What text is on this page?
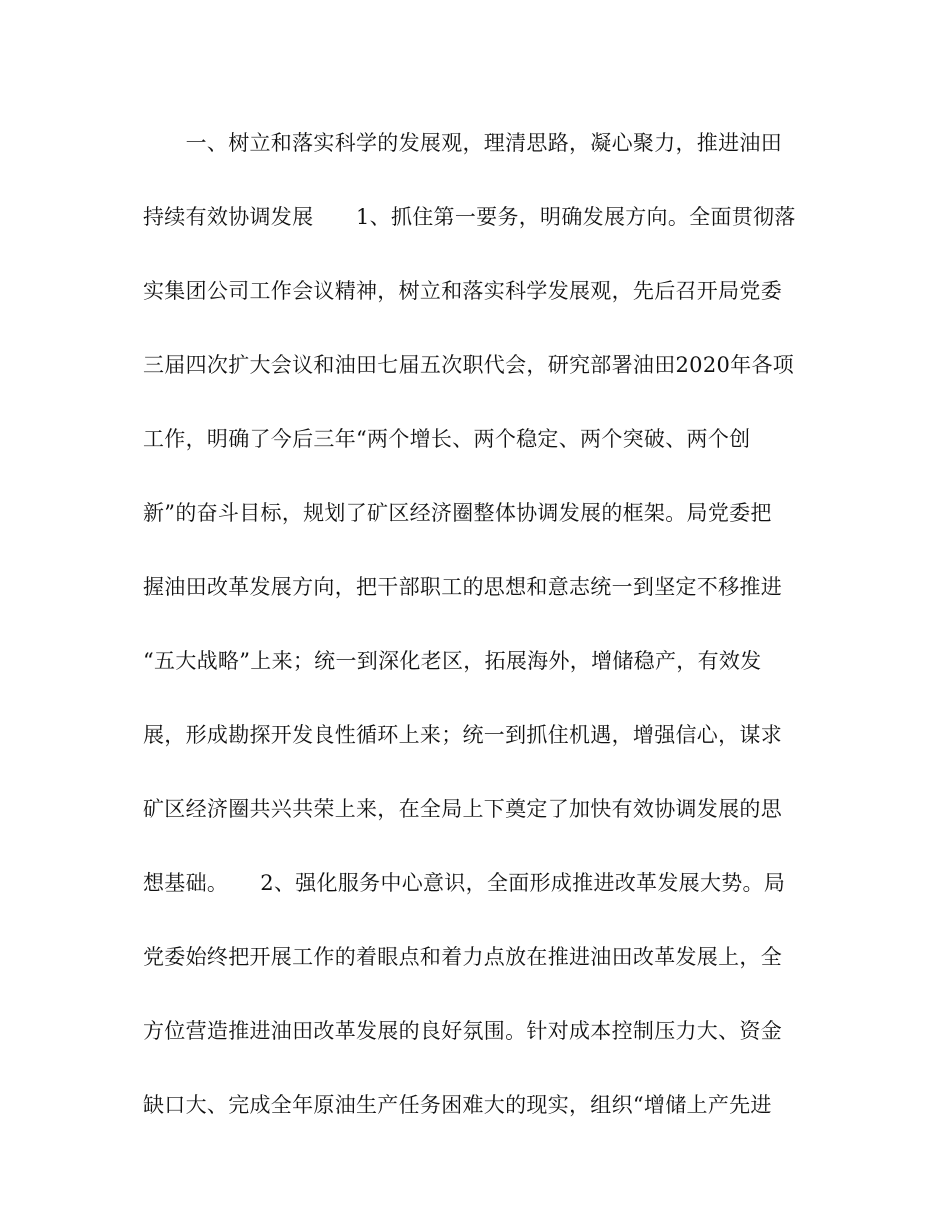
　　一、树立和落实科学的发展观，理清思路，凝心聚力，推进油田
持续有效协调发展　　1、抓住第一要务，明确发展方向。全面贯彻落
实集团公司工作会议精神，树立和落实科学发展观，先后召开局党委
三届四次扩大会议和油田七届五次职代会，研究部署油田2020年各项
工作，明确了今后三年“两个增长、两个稳定、两个突破、两个创
新”的奋斗目标，规划了矿区经济圈整体协调发展的框架。局党委把
握油田改革发展方向，把干部职工的思想和意志统一到坚定不移推进
“五大战略”上来；统一到深化老区，拓展海外，增储稳产，有效发
展，形成勘探开发良性循环上来；统一到抓住机遇，增强信心，谋求
矿区经济圈共兴共荣上来，在全局上下奠定了加快有效协调发展的思
想基础。　　2、强化服务中心意识，全面形成推进改革发展大势。局
党委始终把开展工作的着眼点和着力点放在推进油田改革发展上，全
方位营造推进油田改革发展的良好氛围。针对成本控制压力大、资金
缺口大、完成全年原油生产任务困难大的现实，组织“增储上产先进
